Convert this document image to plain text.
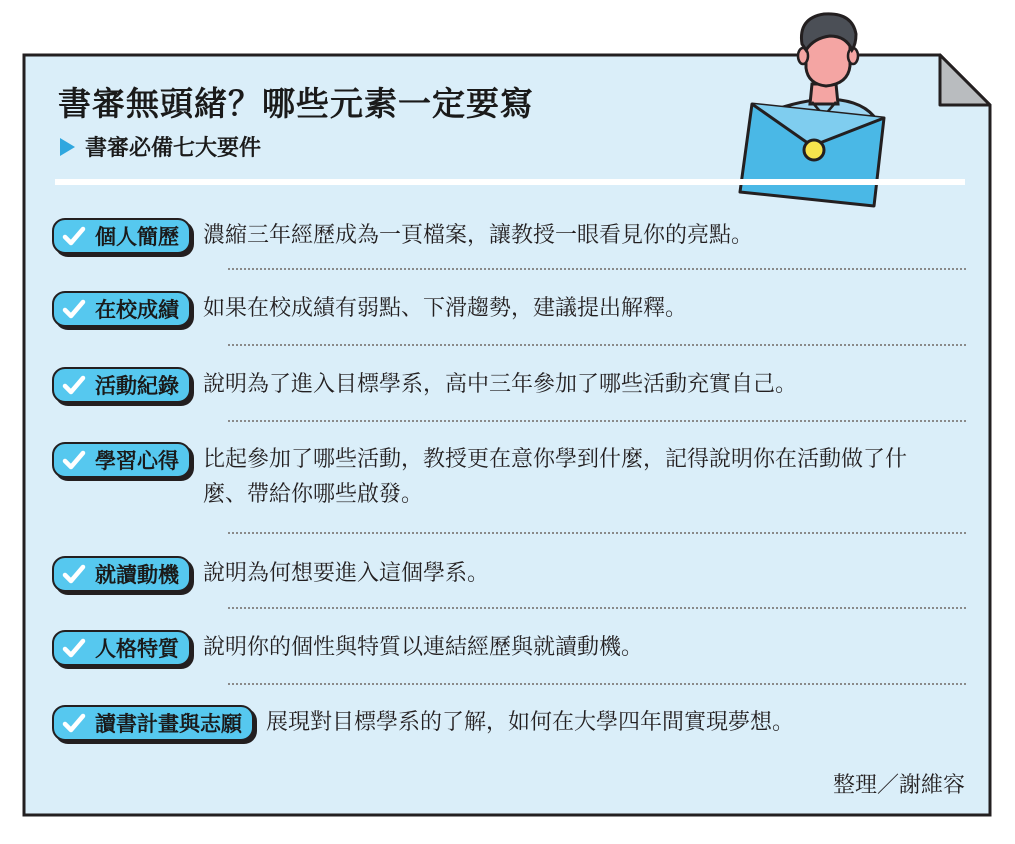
書審無頭緒？哪些元素一定要寫
書審必備七大要件
個人簡歷 濃縮三年經歷成為一頁檔案，讓教授一眼看見你的亮點。
在校成績 如果在校成績有弱點、下滑趨勢，建議提出解釋。
活動紀錄 說明為了進入目標學系，高中三年參加了哪些活動充實自己。
學習心得 比起參加了哪些活動，教授更在意你學到什麼，記得說明你在活動做了什麼、帶給你哪些啟發。
就讀動機 說明為何想要進入這個學系。
人格特質 說明你的個性與特質以連結經歷與就讀動機。
讀書計畫與志願 展現對目標學系的了解，如何在大學四年間實現夢想。
整理／謝維容
